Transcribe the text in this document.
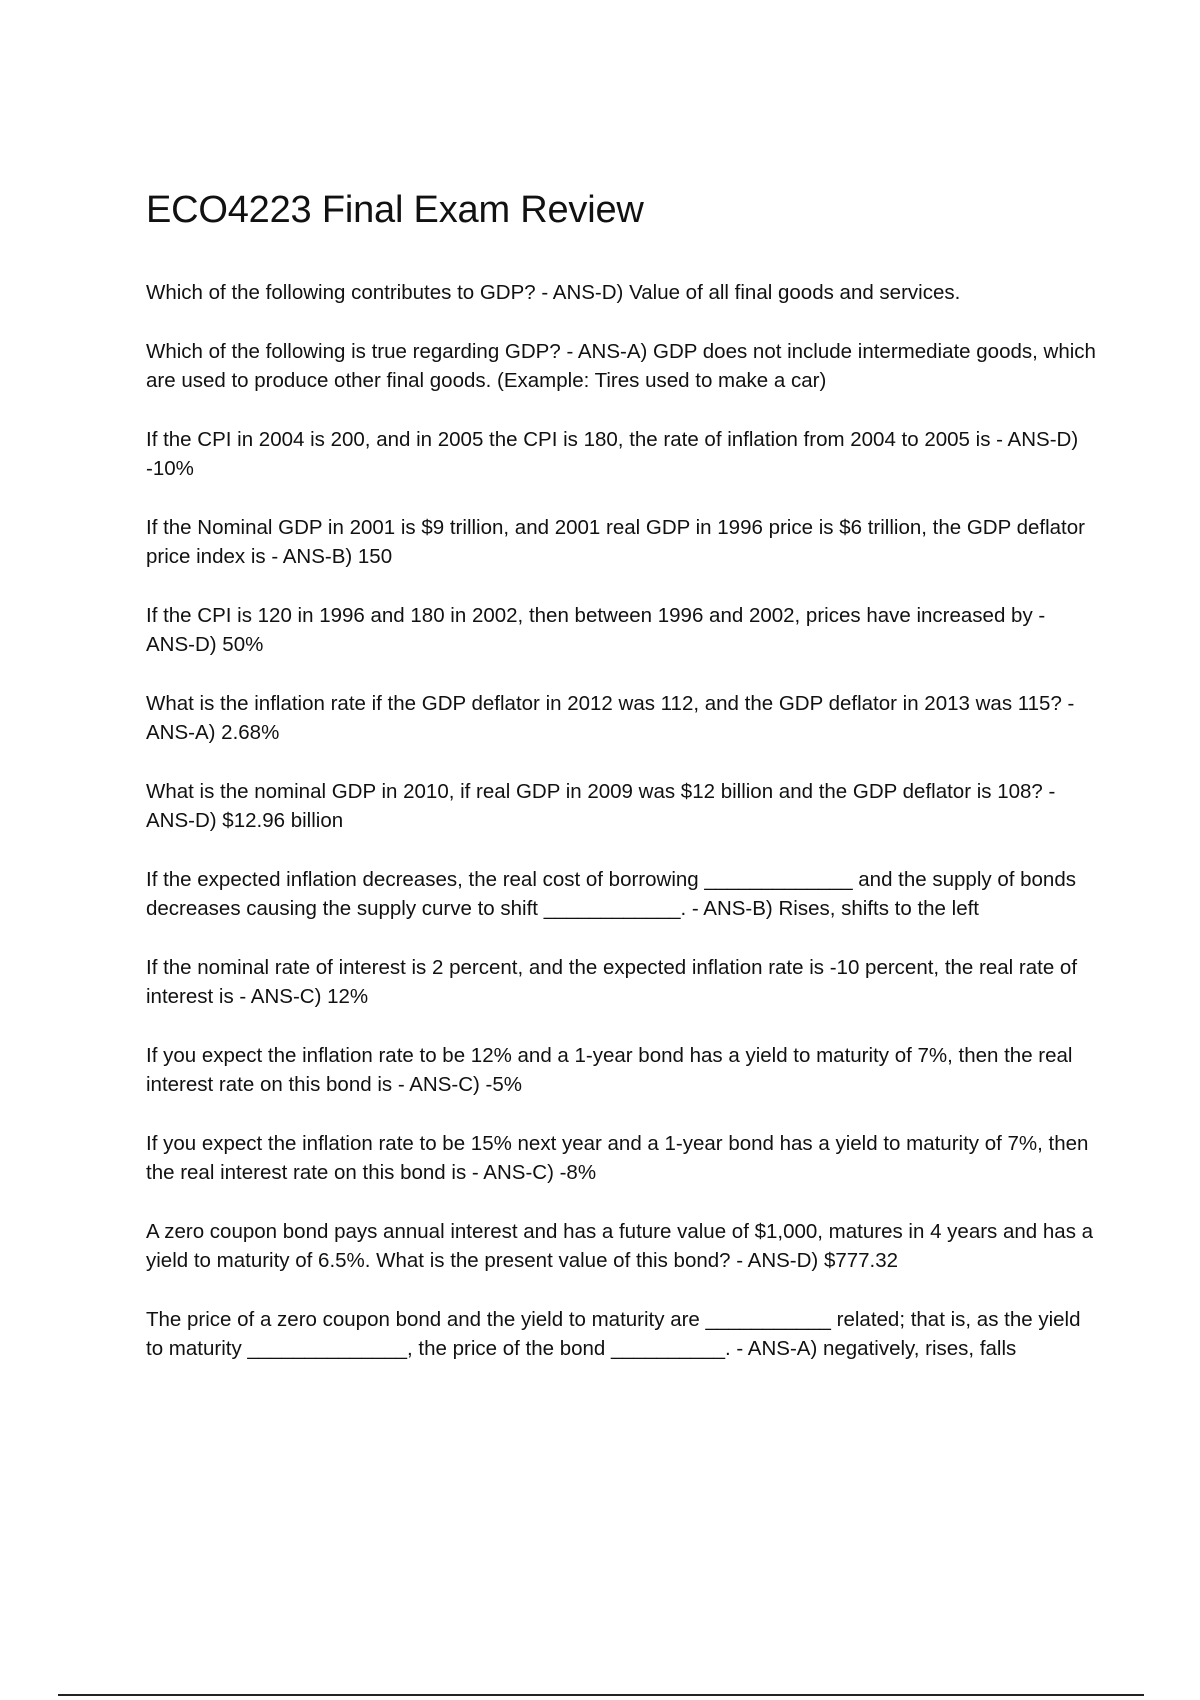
ECO4223 Final Exam Review

Which of the following contributes to GDP? - ANS-D) Value of all final goods and services.

Which of the following is true regarding GDP? - ANS-A) GDP does not include intermediate goods, which are used to produce other final goods. (Example: Tires used to make a car)

If the CPI in 2004 is 200, and in 2005 the CPI is 180, the rate of inflation from 2004 to 2005 is - ANS-D) -10%

If the Nominal GDP in 2001 is $9 trillion, and 2001 real GDP in 1996 price is $6 trillion, the GDP deflator price index is - ANS-B) 150

If the CPI is 120 in 1996 and 180 in 2002, then between 1996 and 2002, prices have increased by - ANS-D) 50%

What is the inflation rate if the GDP deflator in 2012 was 112, and the GDP deflator in 2013 was 115? - ANS-A) 2.68%

What is the nominal GDP in 2010, if real GDP in 2009 was $12 billion and the GDP deflator is 108? - ANS-D) $12.96 billion

If the expected inflation decreases, the real cost of borrowing _____________ and the supply of bonds decreases causing the supply curve to shift ____________. - ANS-B) Rises, shifts to the left

If the nominal rate of interest is 2 percent, and the expected inflation rate is -10 percent, the real rate of interest is - ANS-C) 12%

If you expect the inflation rate to be 12% and a 1-year bond has a yield to maturity of 7%, then the real interest rate on this bond is - ANS-C) -5%

If you expect the inflation rate to be 15% next year and a 1-year bond has a yield to maturity of 7%, then the real interest rate on this bond is - ANS-C) -8%

A zero coupon bond pays annual interest and has a future value of $1,000, matures in 4 years and has a yield to maturity of 6.5%. What is the present value of this bond? - ANS-D) $777.32

The price of a zero coupon bond and the yield to maturity are ___________ related; that is, as the yield to maturity ______________, the price of the bond __________. - ANS-A) negatively, rises, falls
